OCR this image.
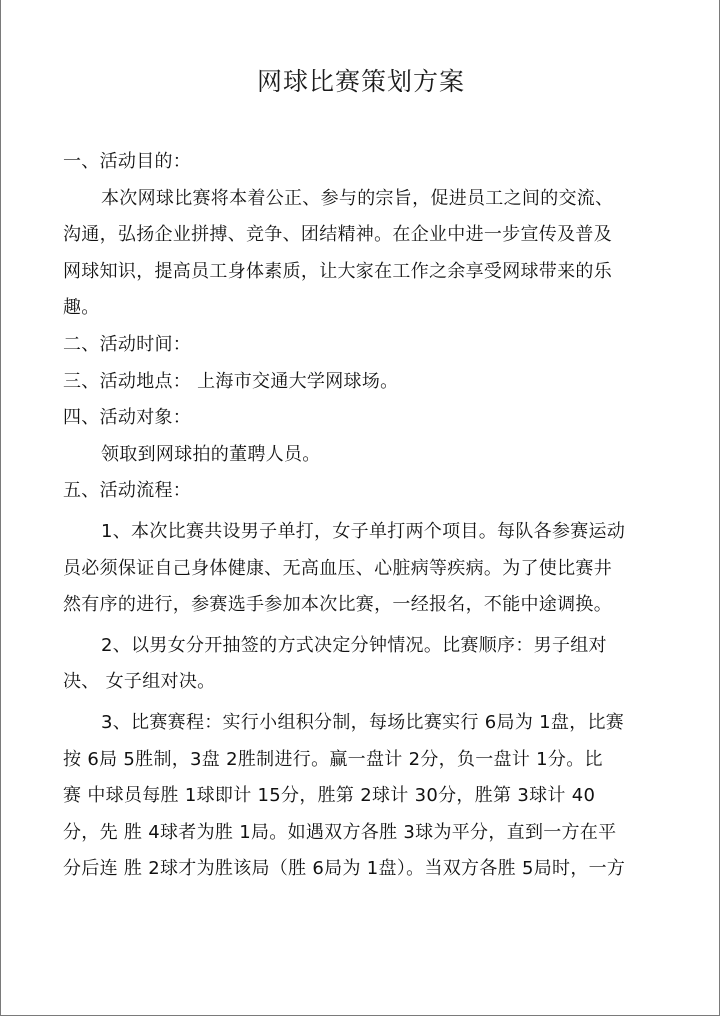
网球比赛策划方案

一、活动目的：

本次网球比赛将本着公正、参与的宗旨，促进员工之间的交流、

沟通，弘扬企业拼搏、竞争、团结精神。在企业中进一步宣传及普及

网球知识，提高员工身体素质，让大家在工作之余享受网球带来的乐

趣。

二、活动时间：

三、活动地点： 上海市交通大学网球场。

四、活动对象：

领取到网球拍的董聘人员。

五、活动流程：

1、本次比赛共设男子单打，女子单打两个项目。每队各参赛运动

员必须保证自己身体健康、无高血压、心脏病等疾病。为了使比赛井

然有序的进行，参赛选手参加本次比赛，一经报名，不能中途调换。

2、以男女分开抽签的方式决定分钟情况。比赛顺序：男子组对

决、 女子组对决。

3、比赛赛程：实行小组积分制，每场比赛实行 6局为 1盘，比赛

按 6局 5胜制，3盘 2胜制进行。赢一盘计 2分，负一盘计 1分。比

赛 中球员每胜 1球即计 15分，胜第 2球计 30分，胜第 3球计 40

分，先 胜 4球者为胜 1局。如遇双方各胜 3球为平分，直到一方在平

分后连 胜 2球才为胜该局（胜 6局为 1盘）。当双方各胜 5局时，一方
